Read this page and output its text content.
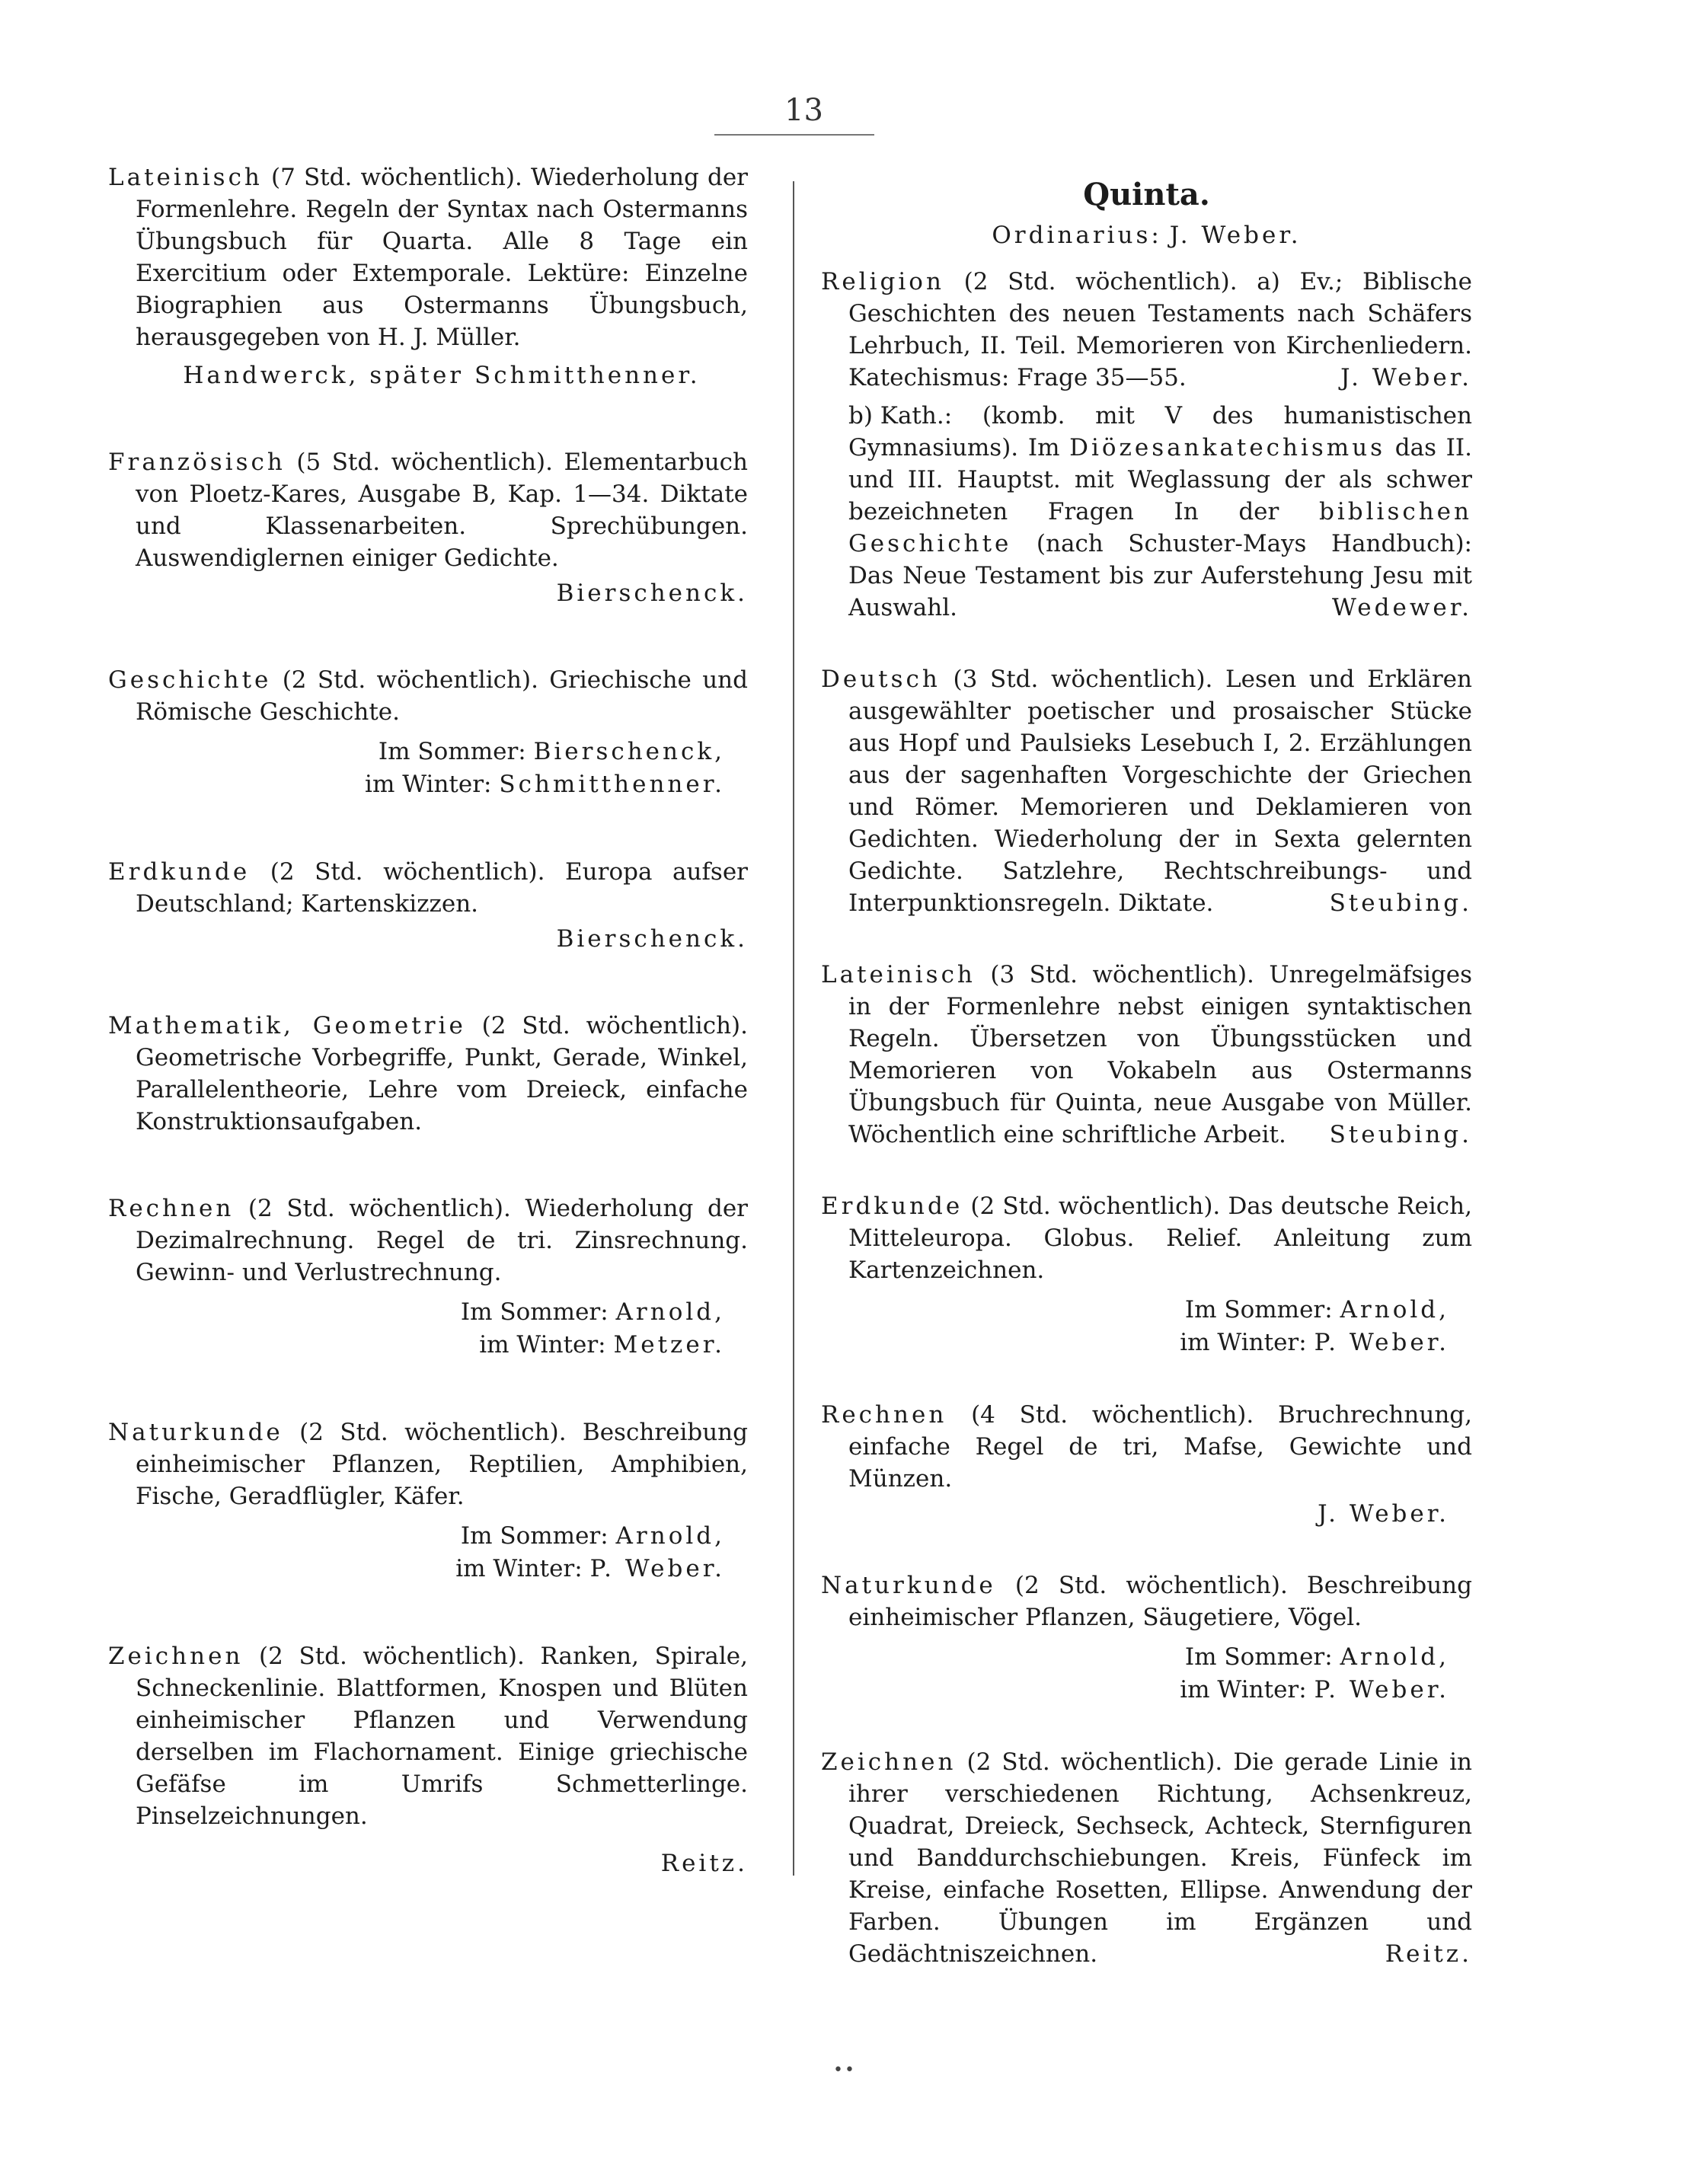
13
Lateinisch (7 Std. wöchentlich). Wiederholung der Formenlehre. Regeln der Syntax nach Ostermanns Übungsbuch für Quarta. Alle 8 Tage ein Exercitium oder Extemporale. Lektüre: Einzelne Biographien aus Ostermanns Übungsbuch, herausgegeben von H. J. Müller.
Handwerck, später Schmitthenner.
Französisch (5 Std. wöchentlich). Elementarbuch von Ploetz-Kares, Ausgabe B, Kap. 1—34. Diktate und Klassenarbeiten. Sprechübungen. Auswendiglernen einiger Gedichte.
Bierschenck.
Geschichte (2 Std. wöchentlich). Griechische und Römische Geschichte.
Im Sommer: Bierschenck,
im Winter: Schmitthenner.
Erdkunde (2 Std. wöchentlich). Europa aufser Deutschland; Kartenskizzen.
Bierschenck.
Mathematik, Geometrie (2 Std. wöchentlich). Geometrische Vorbegriffe, Punkt, Gerade, Winkel, Parallelentheorie, Lehre vom Dreieck, einfache Konstruktionsaufgaben.
Rechnen (2 Std. wöchentlich). Wiederholung der Dezimalrechnung. Regel de tri. Zinsrechnung. Gewinn- und Verlustrechnung.
Im Sommer: Arnold,
im Winter: Metzer.
Naturkunde (2 Std. wöchentlich). Beschreibung einheimischer Pflanzen, Reptilien, Amphibien, Fische, Geradflügler, Käfer.
Im Sommer: Arnold,
im Winter: P. Weber.
Zeichnen (2 Std. wöchentlich). Ranken, Spirale, Schneckenlinie. Blattformen, Knospen und Blüten einheimischer Pflanzen und Verwendung derselben im Flachornament. Einige griechische Gefäfse im Umrifs Schmetterlinge. Pinselzeichnungen.
Reitz.
Quinta.
Ordinarius: J. Weber.
Religion (2 Std. wöchentlich). a) Ev.; Biblische Geschichten des neuen Testaments nach Schäfers Lehrbuch, II. Teil. Memorieren von Kirchenliedern. Katechismus: Frage 35—55.	J. Weber.
b) Kath.: (komb. mit V des humanistischen Gymnasiums). Im Diözesankatechismus das II. und III. Hauptst. mit Weglassung der als schwer bezeichneten Fragen In der biblischen Geschichte (nach Schuster-Mays Handbuch): Das Neue Testament bis zur Auferstehung Jesu mit Auswahl.	Wedewer.
Deutsch (3 Std. wöchentlich). Lesen und Erklären ausgewählter poetischer und prosaischer Stücke aus Hopf und Paulsieks Lesebuch I, 2. Erzählungen aus der sagenhaften Vorgeschichte der Griechen und Römer. Memorieren und Deklamieren von Gedichten. Wiederholung der in Sexta gelernten Gedichte. Satzlehre, Rechtschreibungs- und Interpunktionsregeln. Diktate.	Steubing.
Lateinisch (3 Std. wöchentlich). Unregelmäfsiges in der Formenlehre nebst einigen syntaktischen Regeln. Übersetzen von Übungsstücken und Memorieren von Vokabeln aus Ostermanns Übungsbuch für Quinta, neue Ausgabe von Müller. Wöchentlich eine schriftliche Arbeit. Steubing.
Erdkunde (2 Std. wöchentlich). Das deutsche Reich, Mitteleuropa. Globus. Relief. Anleitung zum Kartenzeichnen.
Im Sommer: Arnold,
im Winter: P. Weber.
Rechnen (4 Std. wöchentlich). Bruchrechnung, einfache Regel de tri, Mafse, Gewichte und Münzen.
J. Weber.
Naturkunde (2 Std. wöchentlich). Beschreibung einheimischer Pflanzen, Säugetiere, Vögel.
Im Sommer: Arnold,
im Winter: P. Weber.
Zeichnen (2 Std. wöchentlich). Die gerade Linie in ihrer verschiedenen Richtung, Achsenkreuz, Quadrat, Dreieck, Sechseck, Achteck, Sternfiguren und Banddurchschiebungen. Kreis, Fünfeck im Kreise, einfache Rosetten, Ellipse. Anwendung der Farben. Übungen im Ergänzen und Gedächtniszeichnen.	Reitz.
••
